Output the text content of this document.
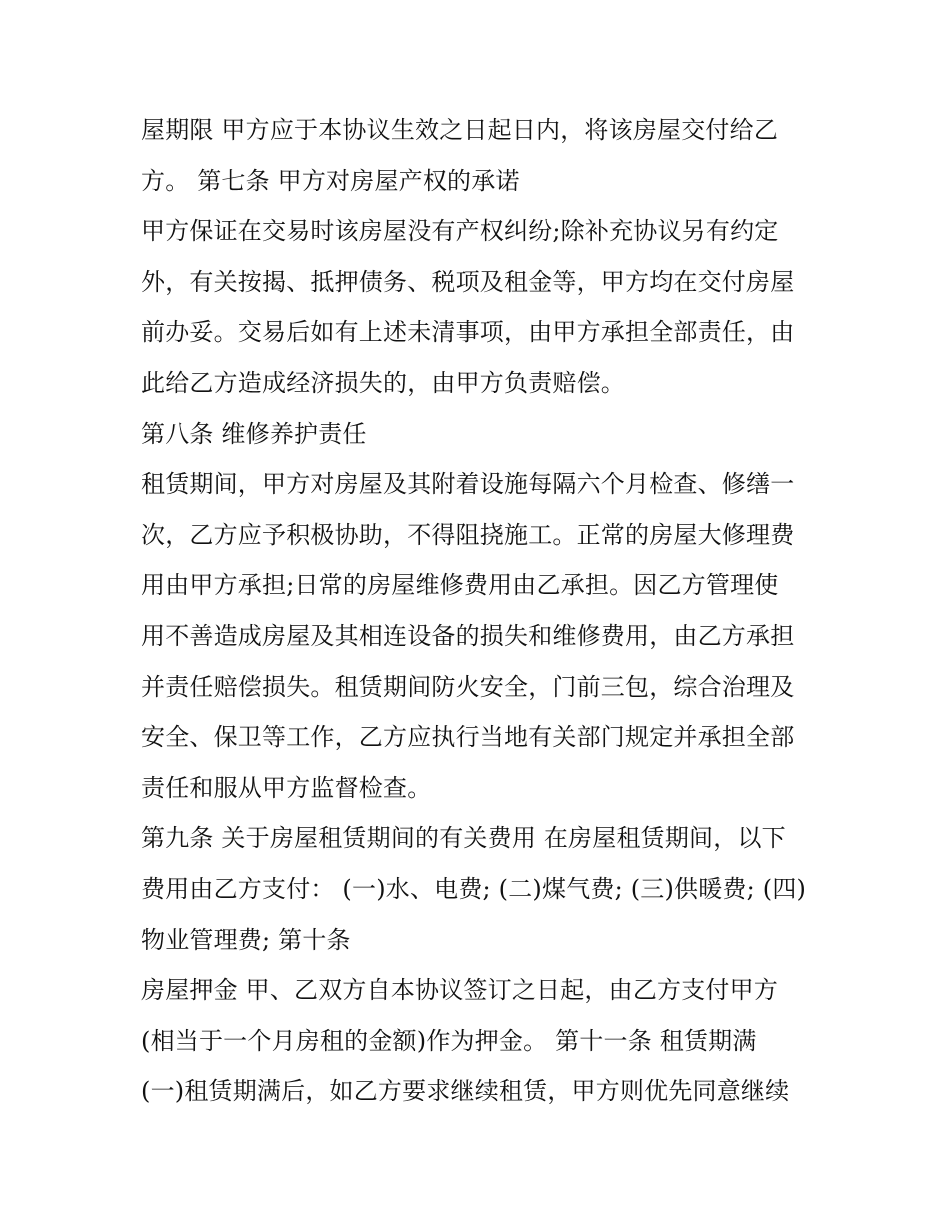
屋期限 甲方应于本协议生效之日起日内，将该房屋交付给乙
方。 第七条 甲方对房屋产权的承诺
甲方保证在交易时该房屋没有产权纠纷;除补充协议另有约定
外，有关按揭、抵押债务、税项及租金等，甲方均在交付房屋
前办妥。交易后如有上述未清事项，由甲方承担全部责任，由
此给乙方造成经济损失的，由甲方负责赔偿。
第八条 维修养护责任
租赁期间，甲方对房屋及其附着设施每隔六个月检查、修缮一
次，乙方应予积极协助，不得阻挠施工。正常的房屋大修理费
用由甲方承担;日常的房屋维修费用由乙承担。因乙方管理使
用不善造成房屋及其相连设备的损失和维修费用，由乙方承担
并责任赔偿损失。租赁期间防火安全，门前三包，综合治理及
安全、保卫等工作，乙方应执行当地有关部门规定并承担全部
责任和服从甲方监督检查。
第九条 关于房屋租赁期间的有关费用 在房屋租赁期间，以下
费用由乙方支付： (一)水、电费; (二)煤气费; (三)供暖费; (四)
物业管理费; 第十条
房屋押金 甲、乙双方自本协议签订之日起，由乙方支付甲方
(相当于一个月房租的金额)作为押金。 第十一条 租赁期满
(一)租赁期满后，如乙方要求继续租赁，甲方则优先同意继续
